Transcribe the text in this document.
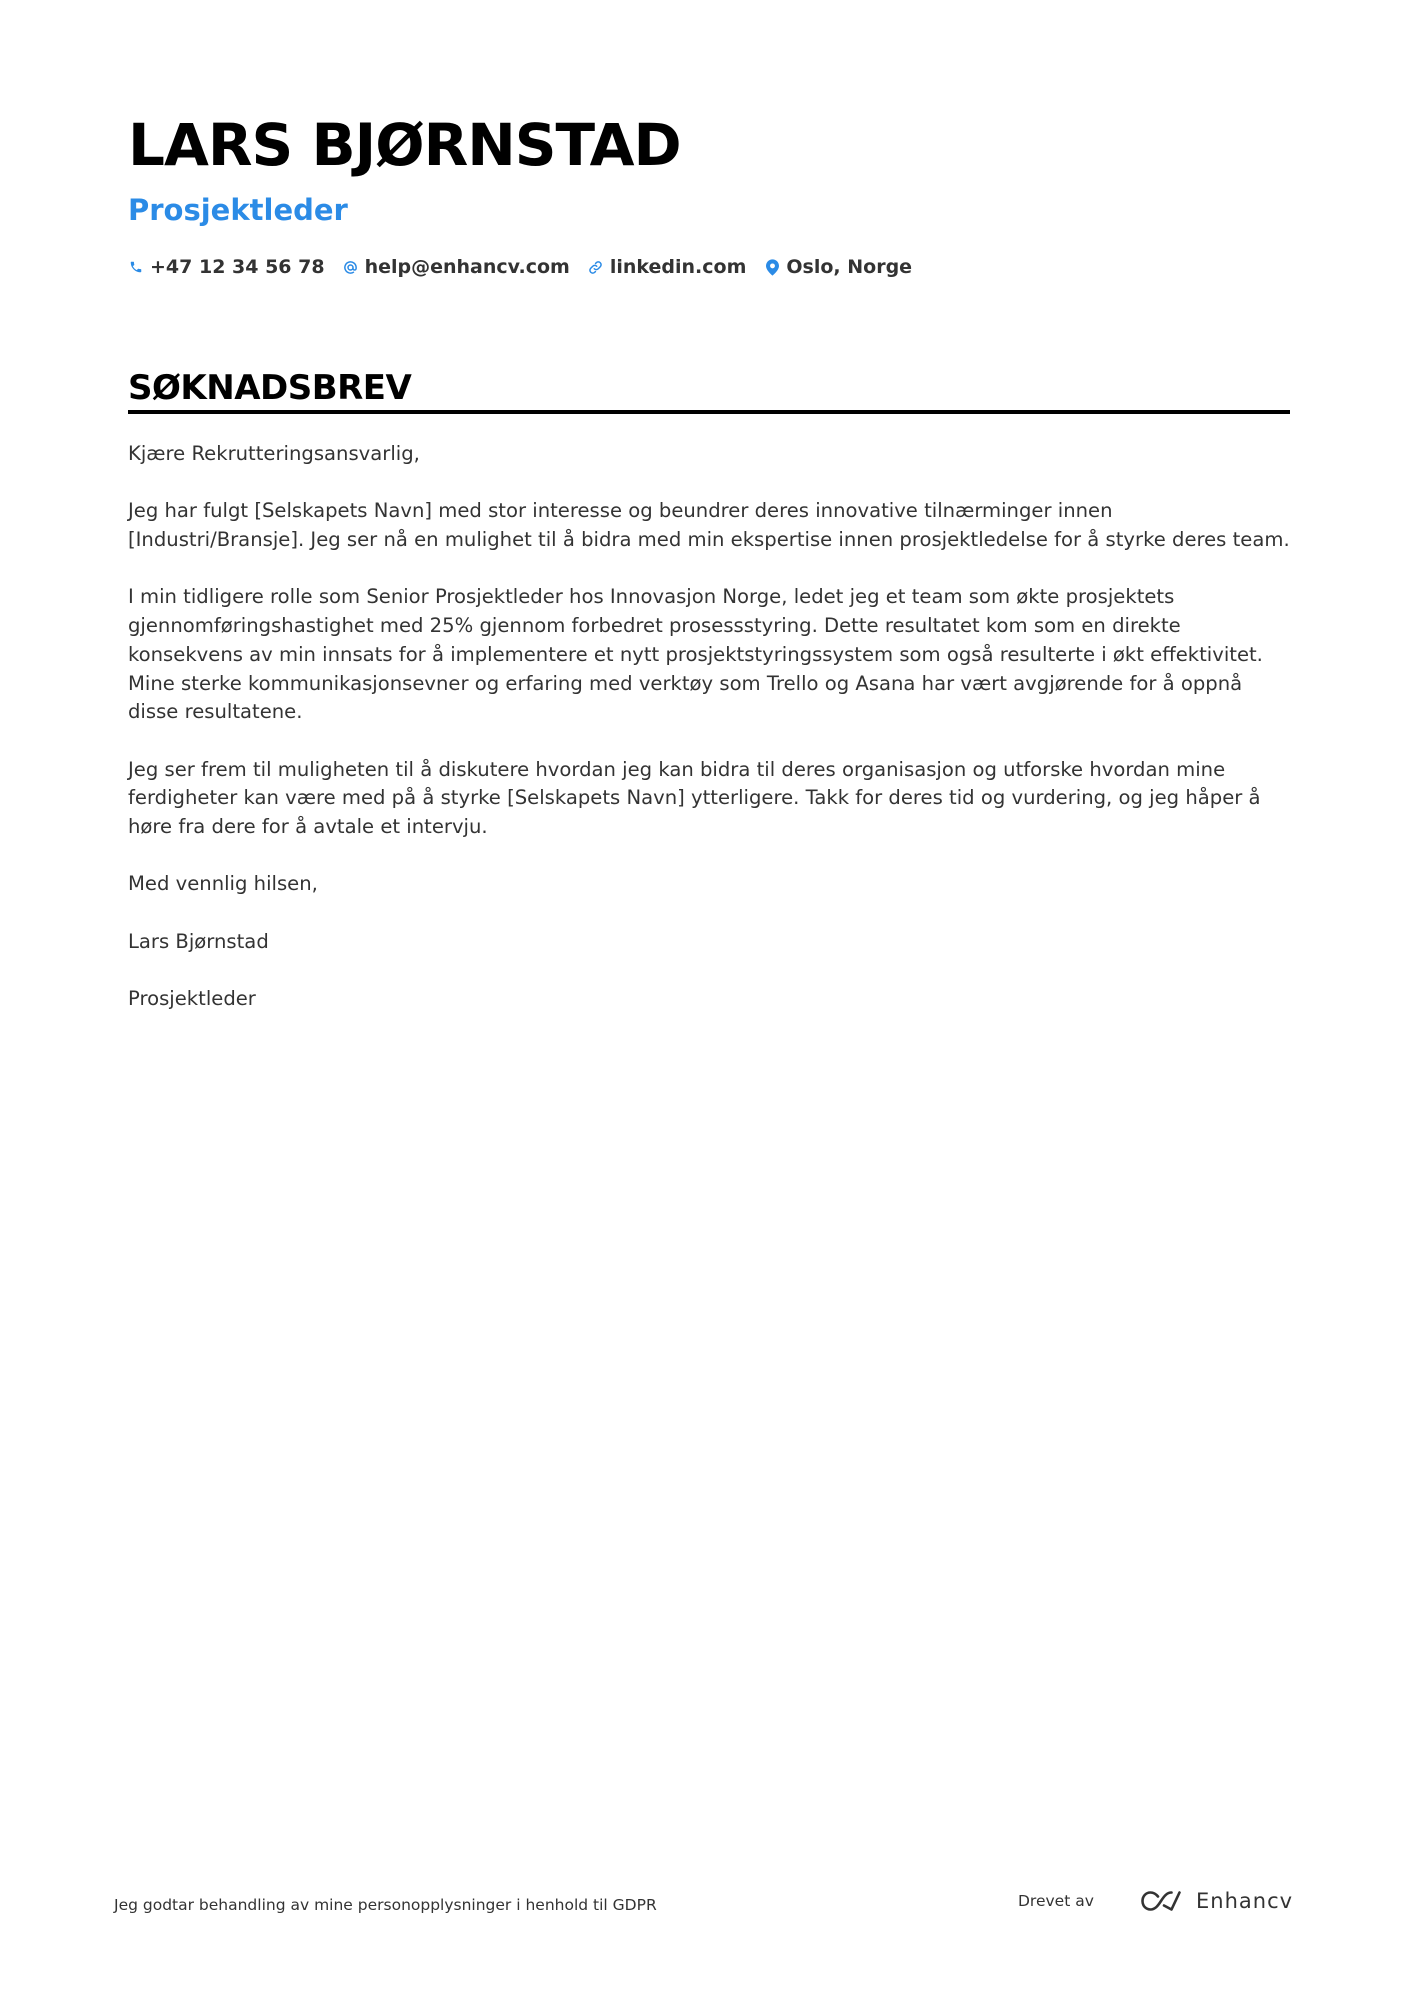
LARS BJØRNSTAD
Prosjektleder
+47 12 34 56 78 help@enhancv.com linkedin.com Oslo, Norge
SØKNADSBREV

Kjære Rekrutteringsansvarlig,

Jeg har fulgt [Selskapets Navn] med stor interesse og beundrer deres innovative tilnærminger innen [Industri/Bransje]. Jeg ser nå en mulighet til å bidra med min ekspertise innen prosjektledelse for å styrke deres team.

I min tidligere rolle som Senior Prosjektleder hos Innovasjon Norge, ledet jeg et team som økte prosjektets gjennomføringshastighet med 25% gjennom forbedret prosessstyring. Dette resultatet kom som en direkte konsekvens av min innsats for å implementere et nytt prosjektstyringssystem som også resulterte i økt effektivitet. Mine sterke kommunikasjonsevner og erfaring med verktøy som Trello og Asana har vært avgjørende for å oppnå disse resultatene.

Jeg ser frem til muligheten til å diskutere hvordan jeg kan bidra til deres organisasjon og utforske hvordan mine ferdigheter kan være med på å styrke [Selskapets Navn] ytterligere. Takk for deres tid og vurdering, og jeg håper å høre fra dere for å avtale et intervju.

Med vennlig hilsen,

Lars Bjørnstad

Prosjektleder

Jeg godtar behandling av mine personopplysninger i henhold til GDPR	Drevet av	Enhancv
